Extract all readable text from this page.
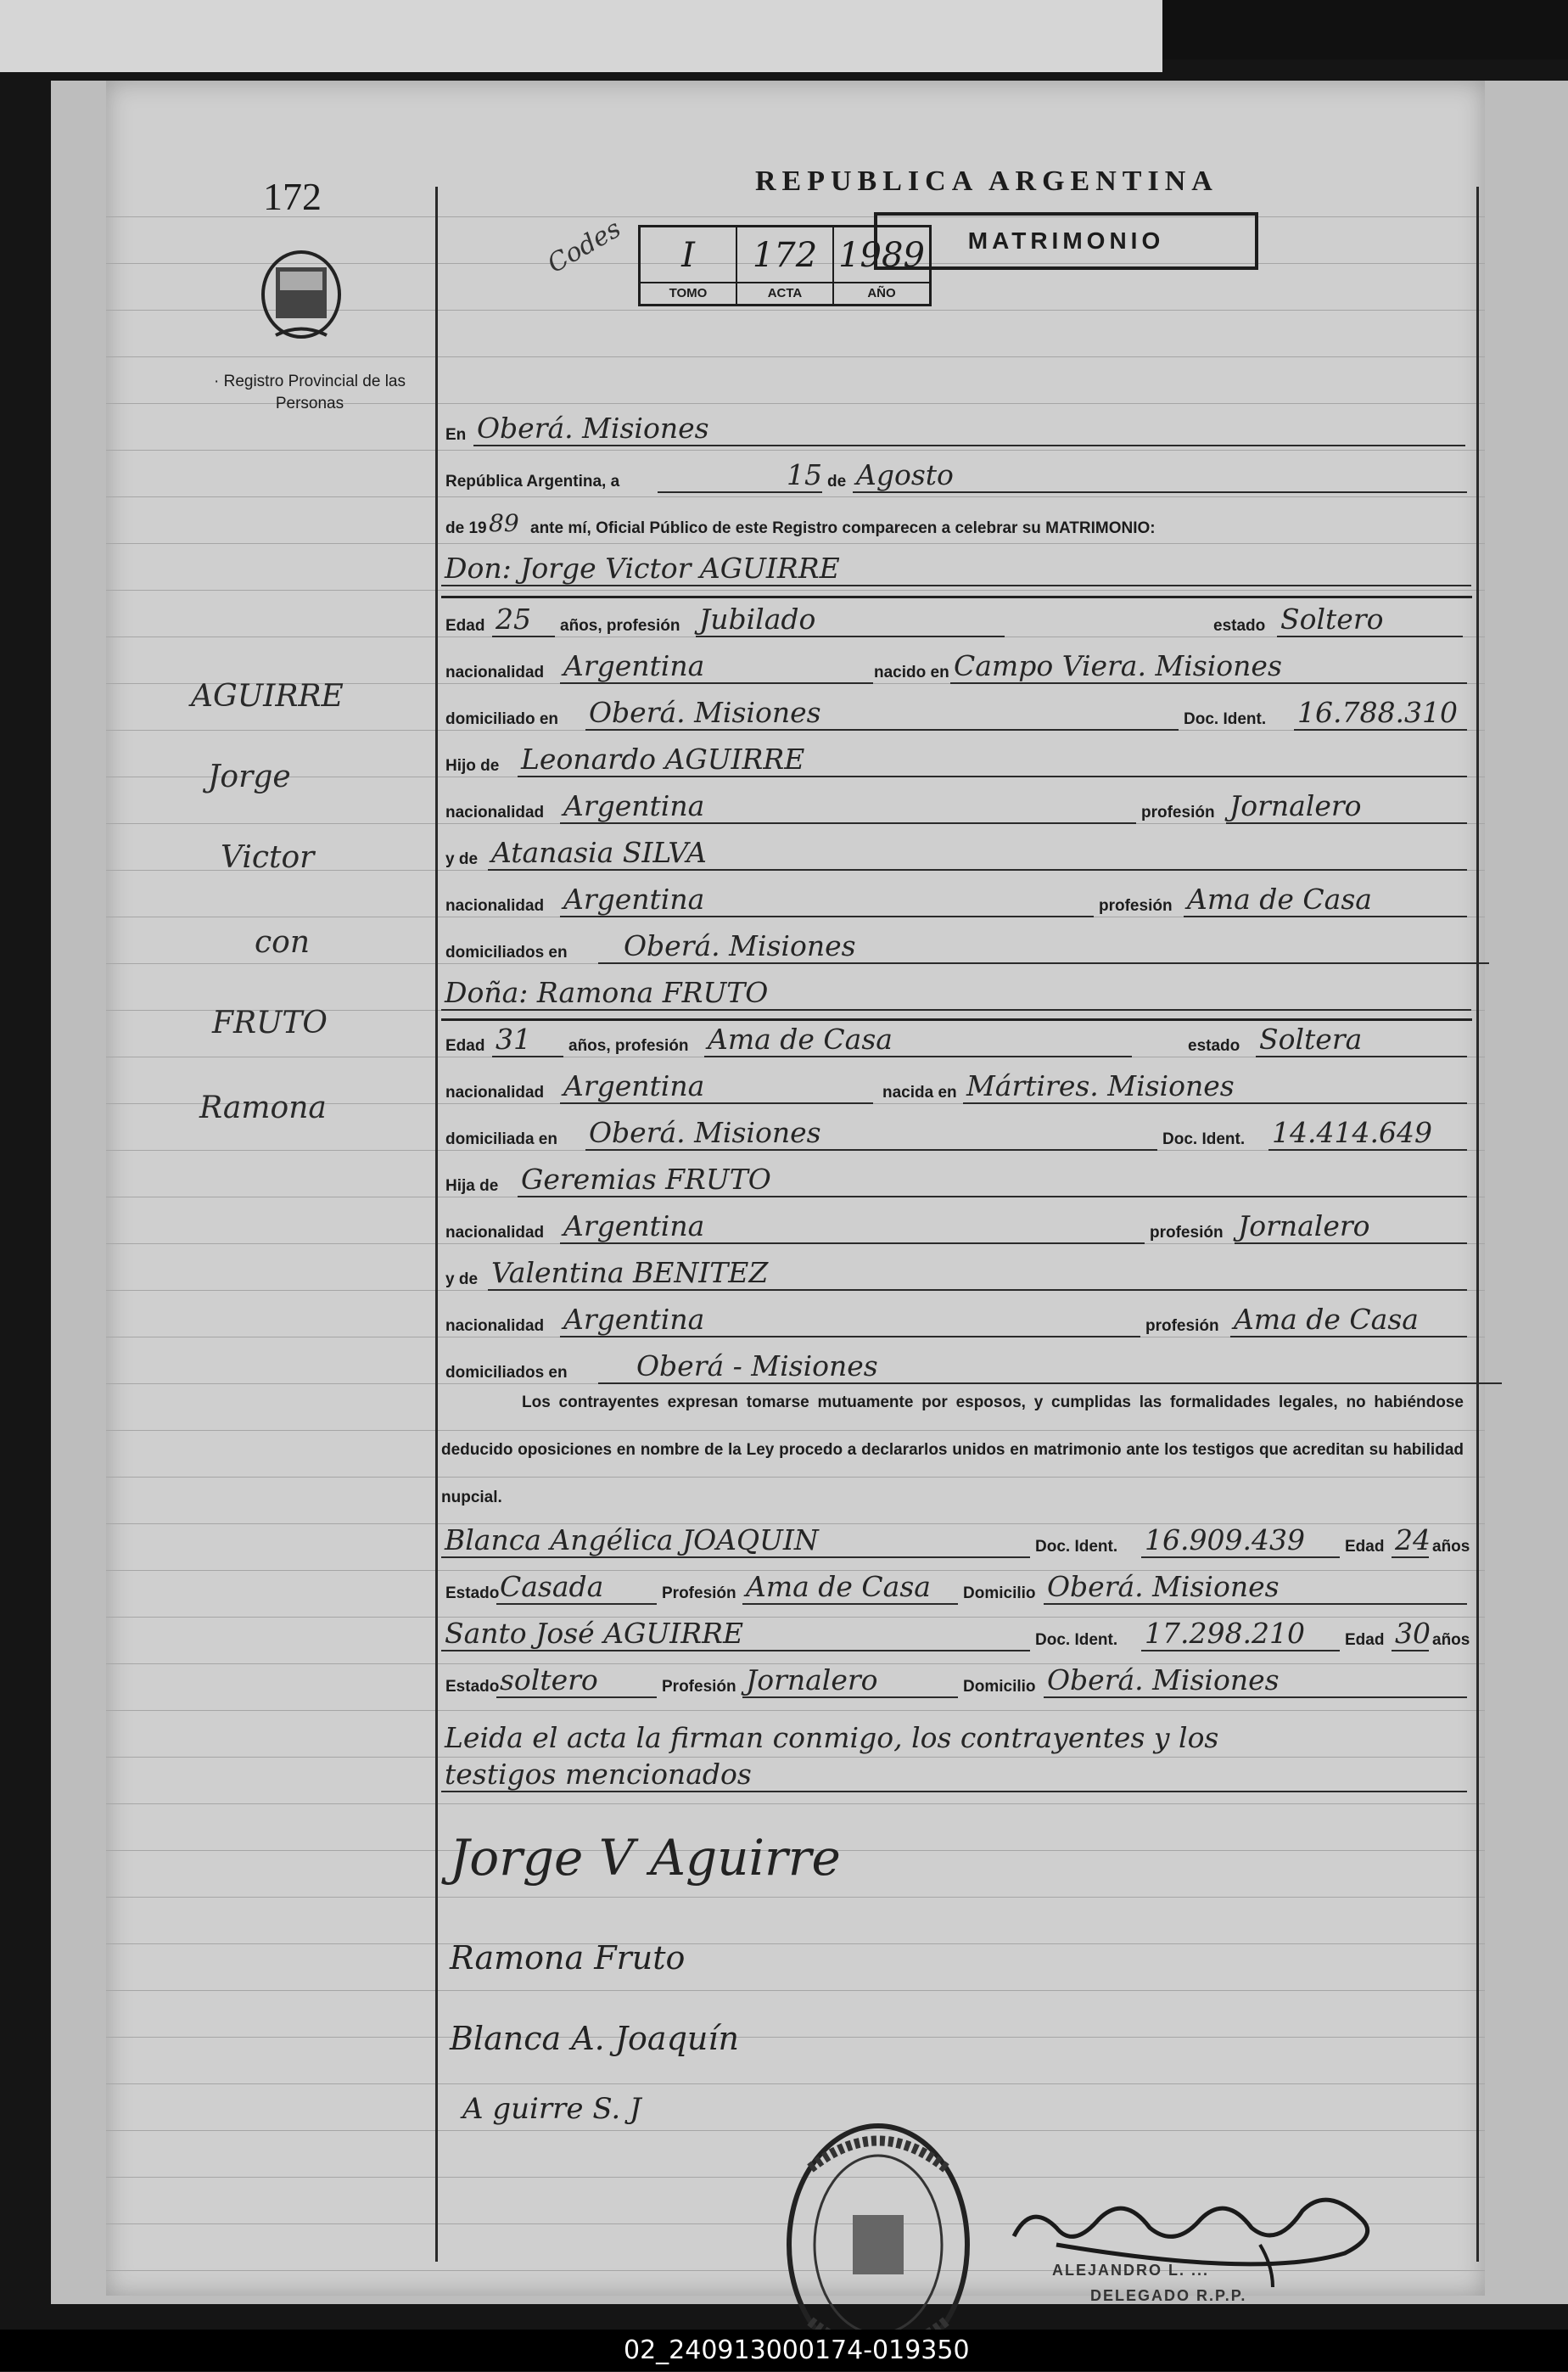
172
· Registro Provincial de las Personas
AGUIRRE
Jorge
Victor
con
FRUTO
Ramona
REPUBLICA ARGENTINA
Codes	I
TOMO
172
ACTA
1989
AÑO
MATRIMONIO
En Oberá. Misiones
República Argentina, a	15 de Agosto
de 19 89 ante mí, Oficial Público de este Registro comparecen a celebrar su MATRIMONIO:
Don: Jorge Victor AGUIRRE
Edad 25	años, profesión Jubilado	estado Soltero
nacionalidad Argentina	nacido en Campo Viera. Misiones
domiciliado en Oberá. Misiones	Doc. Ident. 16.788.310
Hijo de Leonardo AGUIRRE
nacionalidad Argentina	profesión Jornalero
y de Atanasia SILVA
nacionalidad Argentina	profesión Ama de Casa
domiciliados en	Oberá. Misiones
Doña: Ramona FRUTO
Edad 31	años, profesión Ama de Casa	estado Soltera
nacionalidad Argentina	nacida en Mártires. Misiones
domiciliada en Oberá. Misiones	Doc. Ident. 14.414.649
Hija de Geremias FRUTO
nacionalidad Argentina	profesión Jornalero
y de Valentina BENITEZ
nacionalidad Argentina	profesión Ama de Casa
domiciliados en	Oberá - Misiones
Los contrayentes expresan tomarse mutuamente por esposos, y cumplidas las formalidades legales, no habiéndose deducido oposiciones en nombre de la Ley procedo a declararlos unidos en matrimonio ante los testigos que acreditan su habilidad nupcial.
Blanca Angélica JOAQUIN	Doc. Ident. 16.909.439	Edad 24 años
Estado Casada	Profesión Ama de Casa	Domicilio Oberá. Misiones
Santo José AGUIRRE	Doc. Ident. 17.298.210	Edad 30 años
Estado soltero	Profesión Jornalero	Domicilio Oberá. Misiones
Leida el acta la firman conmigo, los contrayentes y los
testigos mencionados
Jorge V Aguirre
Ramona Fruto
Blanca A. Joaquín
A guirre S. J
ALEJANDRO L. ...
DELEGADO R.P.P.
02_240913000174-019350
